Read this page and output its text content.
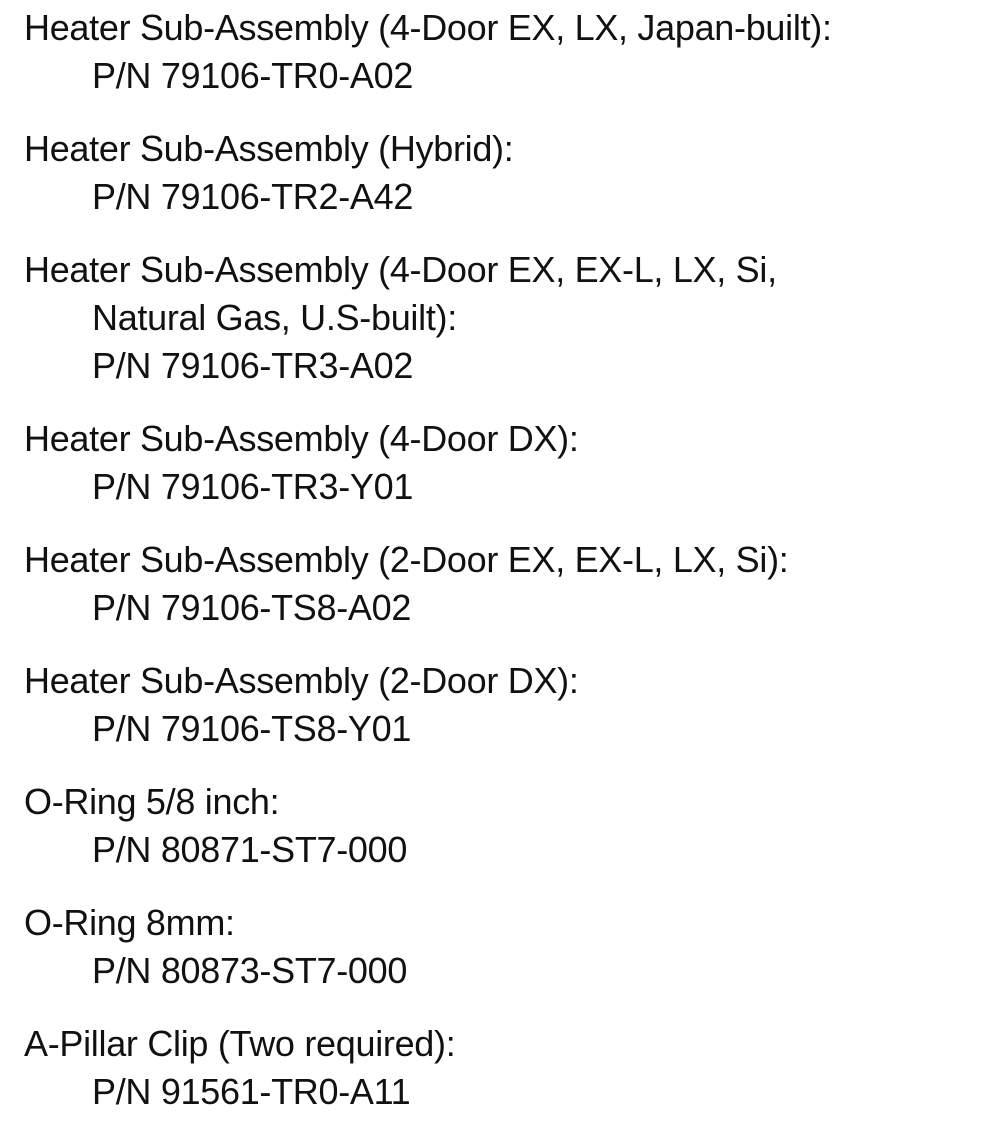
Heater Sub-Assembly (4-Door EX, LX, Japan-built):
P/N 79106-TR0-A02
Heater Sub-Assembly (Hybrid):
P/N 79106-TR2-A42
Heater Sub-Assembly (4-Door EX, EX-L, LX, Si,
Natural Gas, U.S-built):
P/N 79106-TR3-A02
Heater Sub-Assembly (4-Door DX):
P/N 79106-TR3-Y01
Heater Sub-Assembly (2-Door EX, EX-L, LX, Si):
P/N 79106-TS8-A02
Heater Sub-Assembly (2-Door DX):
P/N 79106-TS8-Y01
O-Ring 5/8 inch:
P/N 80871-ST7-000
O-Ring 8mm:
P/N 80873-ST7-000
A-Pillar Clip (Two required):
P/N 91561-TR0-A11
